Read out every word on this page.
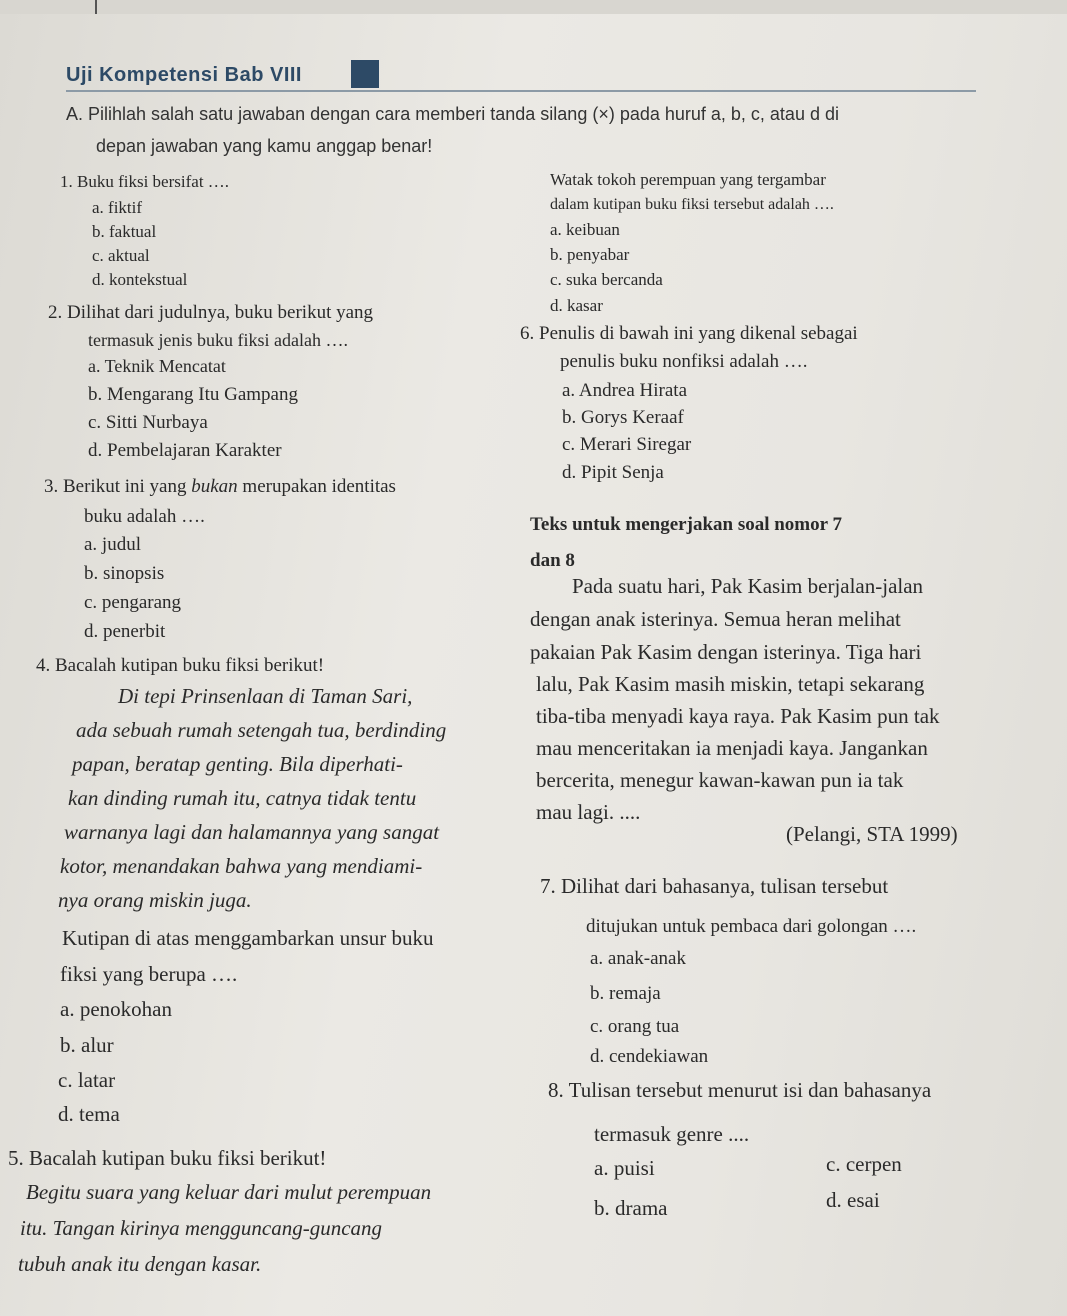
Uji Kompetensi Bab VIII
A. Pilihlah salah satu jawaban dengan cara memberi tanda silang (×) pada huruf a, b, c, atau d di
depan jawaban yang kamu anggap benar!
1. Buku fiksi bersifat ….
a. fiktif
b. faktual
c. aktual
d. kontekstual
2. Dilihat dari judulnya, buku berikut yang
termasuk jenis buku fiksi adalah ….
a. Teknik Mencatat
b. Mengarang Itu Gampang
c. Sitti Nurbaya
d. Pembelajaran Karakter
3. Berikut ini yang bukan merupakan identitas
buku adalah ….
a. judul
b. sinopsis
c. pengarang
d. penerbit
4. Bacalah kutipan buku fiksi berikut!
Di tepi Prinsenlaan di Taman Sari,
ada sebuah rumah setengah tua, berdinding
papan, beratap genting. Bila diperhati-
kan dinding rumah itu, catnya tidak tentu
warnanya lagi dan halamannya yang sangat
kotor, menandakan bahwa yang mendiami-
nya orang miskin juga.
Kutipan di atas menggambarkan unsur buku
fiksi yang berupa ….
a. penokohan
b. alur
c. latar
d. tema
5. Bacalah kutipan buku fiksi berikut!
Begitu suara yang keluar dari mulut perempuan
itu. Tangan kirinya mengguncang-guncang
tubuh anak itu dengan kasar.
Watak tokoh perempuan yang tergambar
dalam kutipan buku fiksi tersebut adalah ….
a. keibuan
b. penyabar
c. suka bercanda
d. kasar
6. Penulis di bawah ini yang dikenal sebagai
penulis buku nonfiksi adalah ….
a. Andrea Hirata
b. Gorys Keraaf
c. Merari Siregar
d. Pipit Senja
Teks untuk mengerjakan soal nomor 7
dan 8
Pada suatu hari, Pak Kasim berjalan-jalan
dengan anak isterinya. Semua heran melihat
pakaian Pak Kasim dengan isterinya. Tiga hari
lalu, Pak Kasim masih miskin, tetapi sekarang
tiba-tiba menyadi kaya raya. Pak Kasim pun tak
mau menceritakan ia menjadi kaya. Jangankan
bercerita, menegur kawan-kawan pun ia tak
mau lagi. ....
(Pelangi, STA 1999)
7. Dilihat dari bahasanya, tulisan tersebut
ditujukan untuk pembaca dari golongan ….
a. anak-anak
b. remaja
c. orang tua
d. cendekiawan
8. Tulisan tersebut menurut isi dan bahasanya
termasuk genre ....
a. puisi
b. drama
c. cerpen
d. esai
